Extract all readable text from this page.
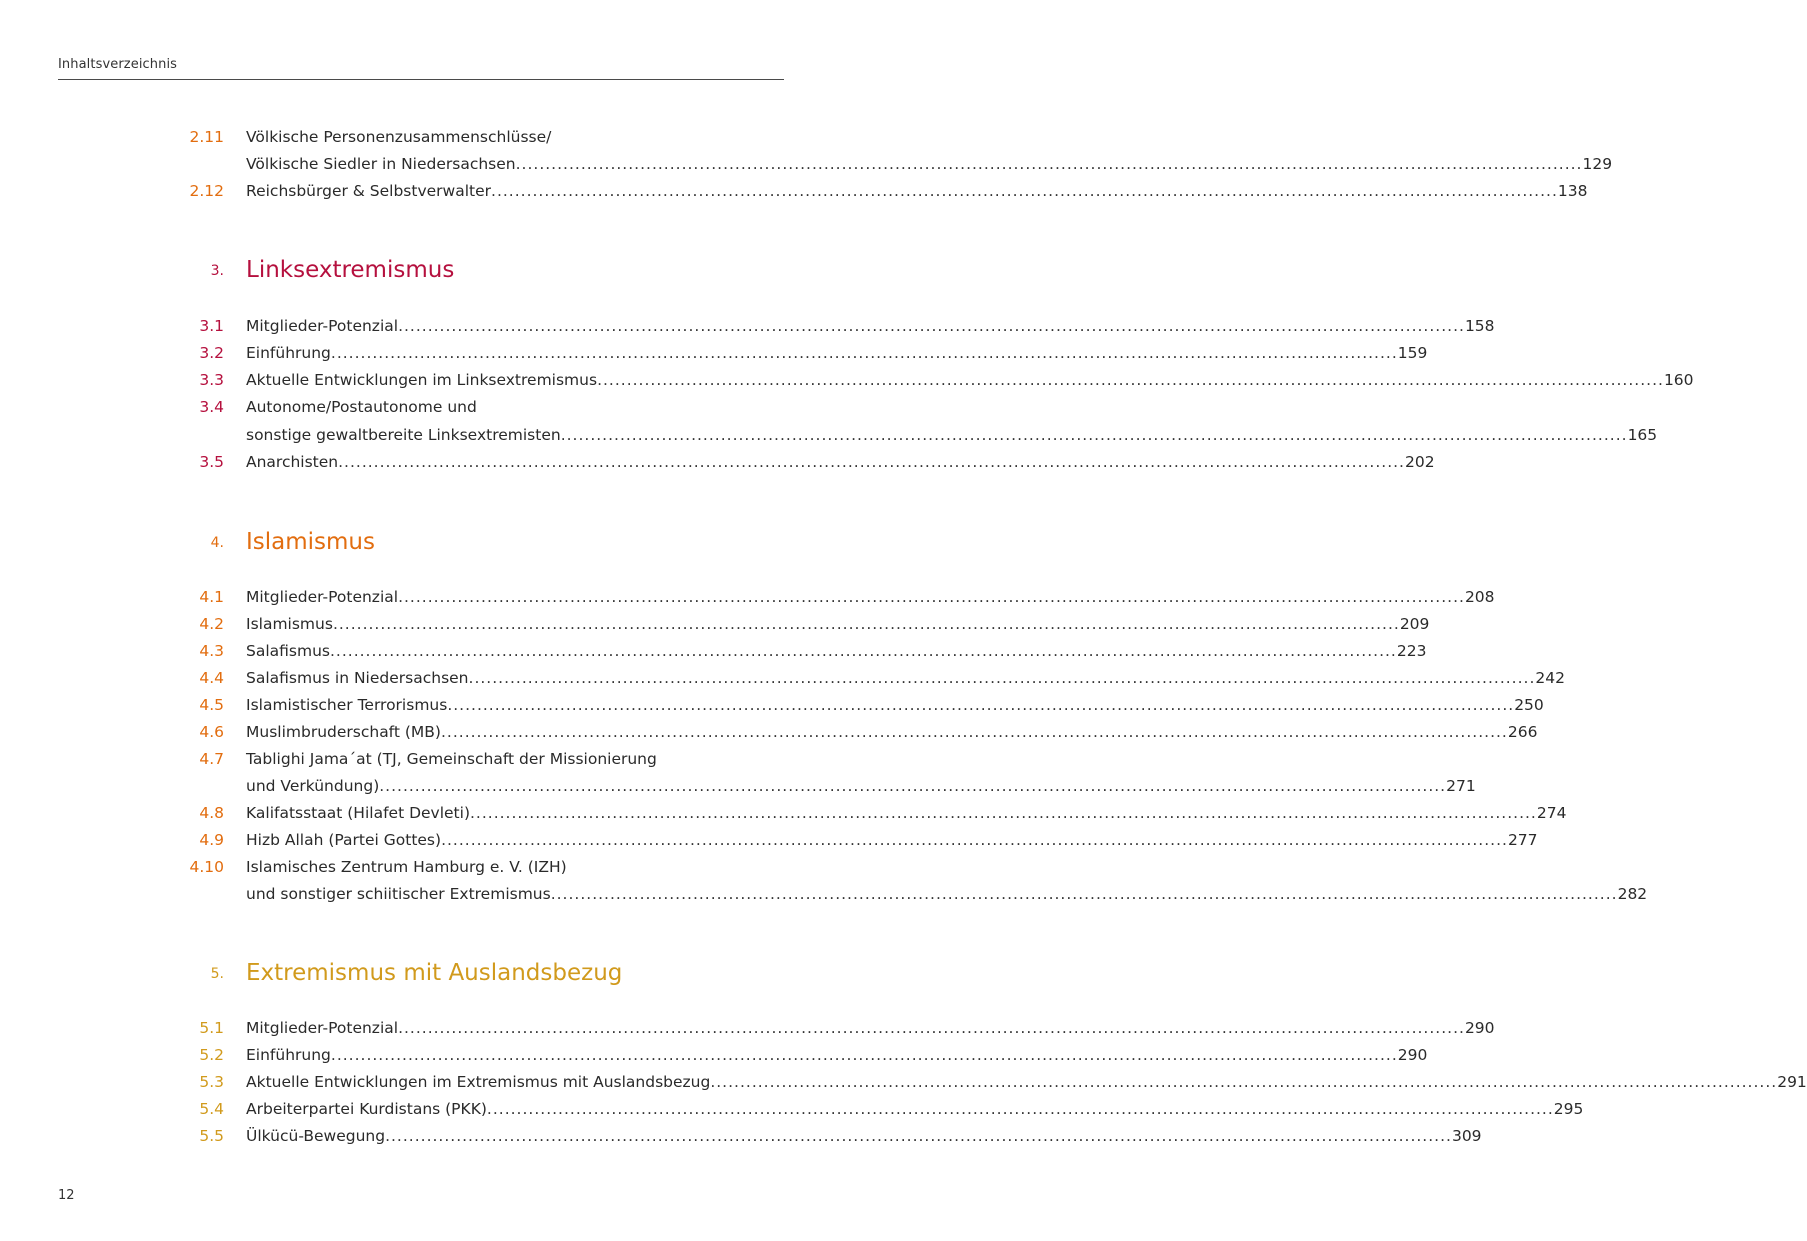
Inhaltsverzeichnis
2.11 Völkische Personenzusammenschlüsse/
Völkische Siedler in Niedersachsen .................................................................................................................................................................................... 129
2.12 Reichsbürger & Selbstverwalter .................................................................................................................................................................................... 138
3. Linksextremismus
3.1 Mitglieder-Potenzial .................................................................................................................................................................................... 158
3.2 Einführung .................................................................................................................................................................................... 159
3.3 Aktuelle Entwicklungen im Linksextremismus .................................................................................................................................................................................... 160
3.4 Autonome/Postautonome und
sonstige gewaltbereite Linksextremisten .................................................................................................................................................................................... 165
3.5 Anarchisten .................................................................................................................................................................................... 202
4. Islamismus
4.1 Mitglieder-Potenzial .................................................................................................................................................................................... 208
4.2 Islamismus .................................................................................................................................................................................... 209
4.3 Salafismus .................................................................................................................................................................................... 223
4.4 Salafismus in Niedersachsen .................................................................................................................................................................................... 242
4.5 Islamistischer Terrorismus .................................................................................................................................................................................... 250
4.6 Muslimbruderschaft (MB) .................................................................................................................................................................................... 266
4.7 Tablighi Jama´at (TJ, Gemeinschaft der Missionierung
und Verkündung) .................................................................................................................................................................................... 271
4.8 Kalifatsstaat (Hilafet Devleti) .................................................................................................................................................................................... 274
4.9 Hizb Allah (Partei Gottes) .................................................................................................................................................................................... 277
4.10 Islamisches Zentrum Hamburg e. V. (IZH)
und sonstiger schiitischer Extremismus .................................................................................................................................................................................... 282
5. Extremismus mit Auslandsbezug
5.1 Mitglieder-Potenzial .................................................................................................................................................................................... 290
5.2 Einführung .................................................................................................................................................................................... 290
5.3 Aktuelle Entwicklungen im Extremismus mit Auslandsbezug .................................................................................................................................................................................... 291
5.4 Arbeiterpartei Kurdistans (PKK) .................................................................................................................................................................................... 295
5.5 Ülkücü-Bewegung .................................................................................................................................................................................... 309
12
